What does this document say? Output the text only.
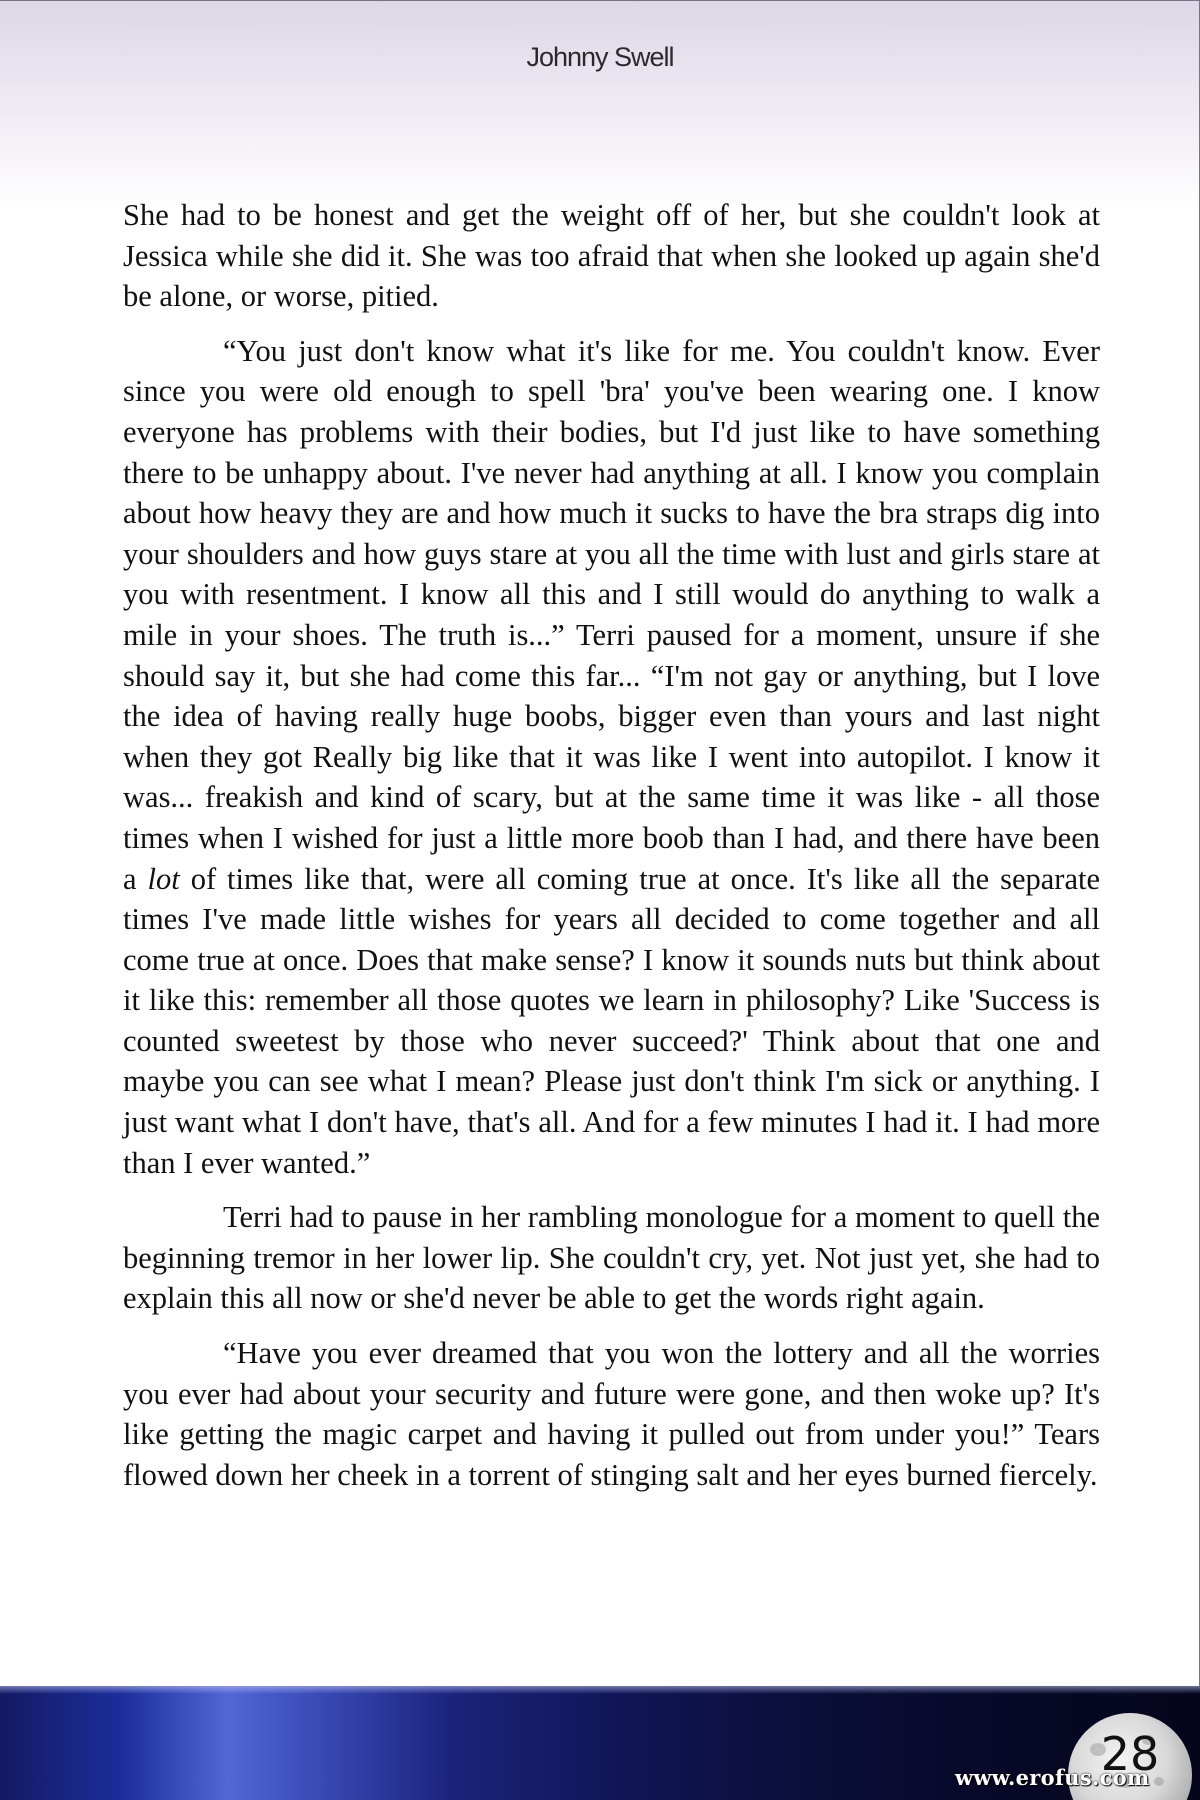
Johnny Swell

She had to be honest and get the weight off of her, but she couldn't look at Jessica while she did it. She was too afraid that when she looked up again she'd be alone, or worse, pitied.

“You just don't know what it's like for me. You couldn't know. Ever since you were old enough to spell 'bra' you've been wearing one. I know everyone has problems with their bodies, but I'd just like to have something there to be unhappy about. I've never had anything at all. I know you complain about how heavy they are and how much it sucks to have the bra straps dig into your shoulders and how guys stare at you all the time with lust and girls stare at you with resentment. I know all this and I still would do anything to walk a mile in your shoes. The truth is...” Terri paused for a moment, unsure if she should say it, but she had come this far... “I'm not gay or anything, but I love the idea of having really huge boobs, bigger even than yours and last night when they got Really big like that it was like I went into autopilot. I know it was... freakish and kind of scary, but at the same time it was like - all those times when I wished for just a little more boob than I had, and there have been a lot of times like that, were all coming true at once. It's like all the separate times I've made little wishes for years all decided to come together and all come true at once. Does that make sense? I know it sounds nuts but think about it like this: remember all those quotes we learn in philosophy? Like 'Success is counted sweetest by those who never succeed?' Think about that one and maybe you can see what I mean? Please just don't think I'm sick or anything. I just want what I don't have, that's all. And for a few minutes I had it. I had more than I ever wanted.”

Terri had to pause in her rambling monologue for a moment to quell the beginning tremor in her lower lip. She couldn't cry, yet. Not just yet, she had to explain this all now or she'd never be able to get the words right again.

“Have you ever dreamed that you won the lottery and all the worries you ever had about your security and future were gone, and then woke up? It's like getting the magic carpet and having it pulled out from under you!” Tears flowed down her cheek in a torrent of stinging salt and her eyes burned fiercely.

28
www.erofus.com
